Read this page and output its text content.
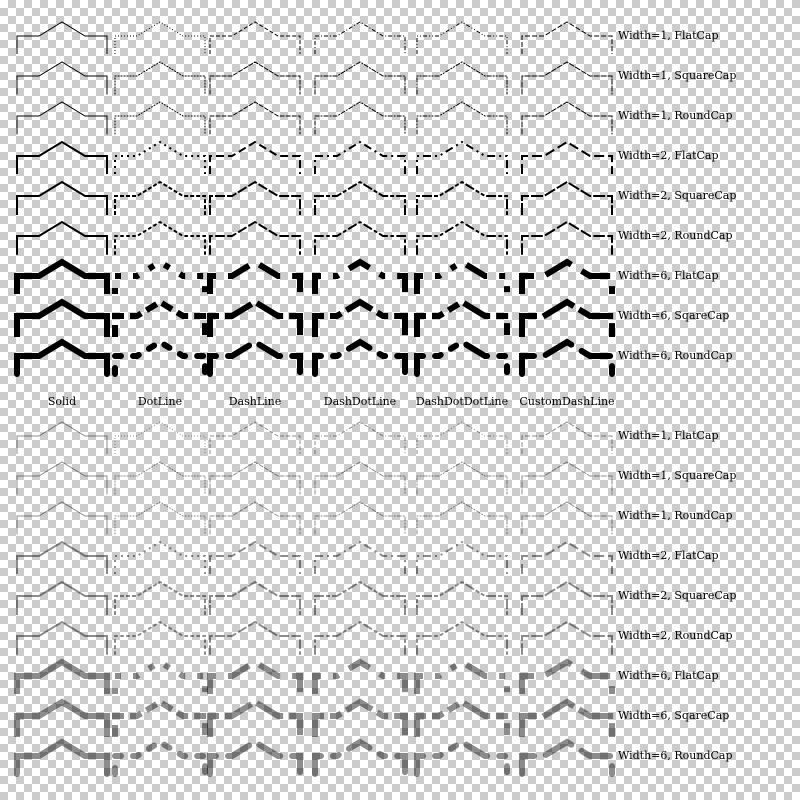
Width=1, FlatCap
Width=1, SquareCap
Width=1, RoundCap
Width=2, FlatCap
Width=2, SquareCap
Width=2, RoundCap
Width=6, FlatCap
Width=6, SqareCap
Width=6, RoundCap
Width=1, FlatCap
Width=1, SquareCap
Width=1, RoundCap
Width=2, FlatCap
Width=2, SquareCap
Width=2, RoundCap
Width=6, FlatCap
Width=6, SqareCap
Width=6, RoundCap
Solid	DotLine	DashLine	DashDotLine	DashDotDotLine	CustomDashLine
